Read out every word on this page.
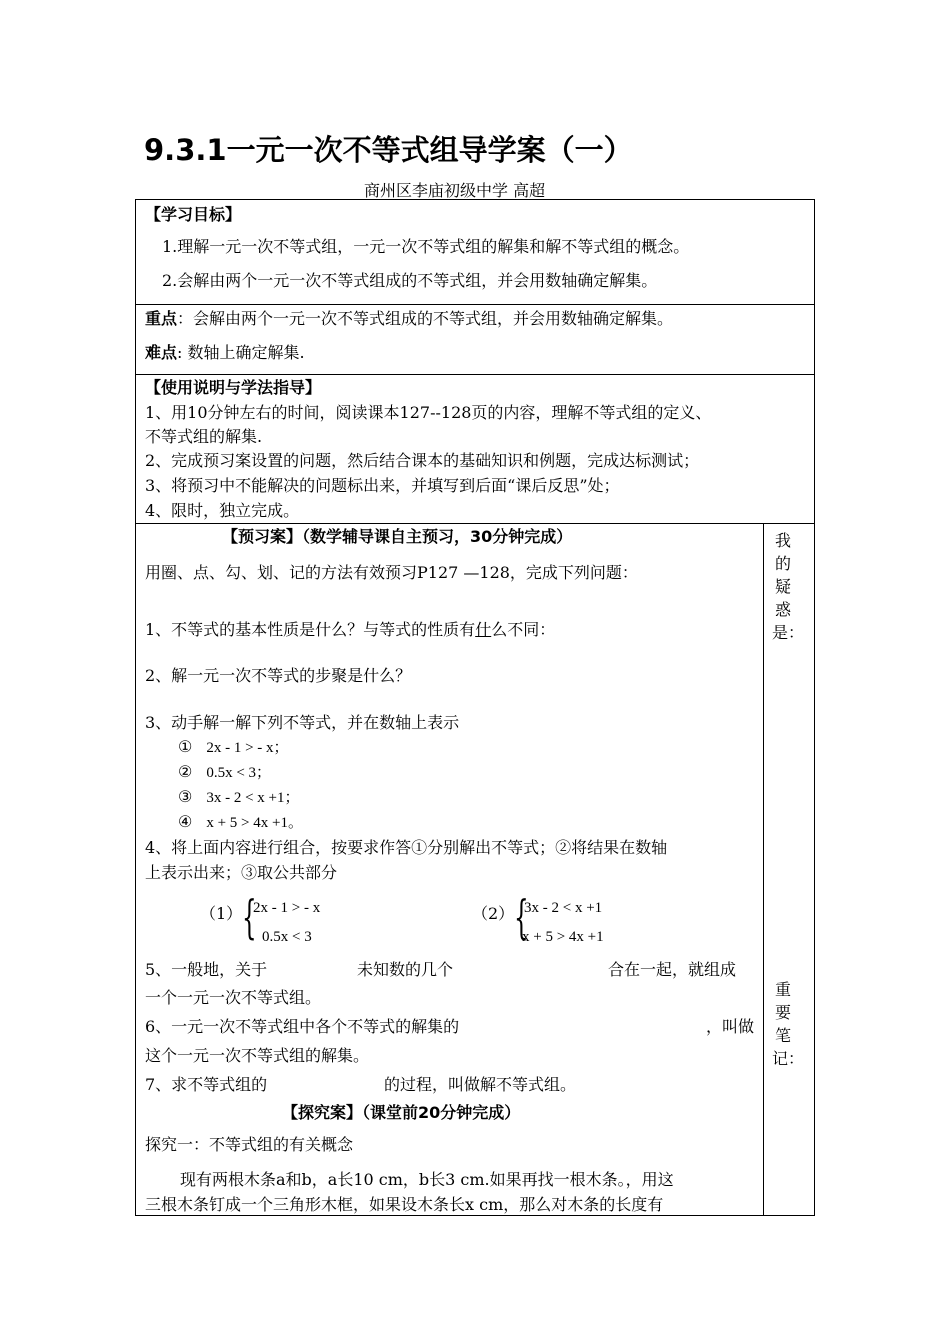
9.3.1一元一次不等式组导学案（一）
商州区李庙初级中学 高超
【学习目标】
1.理解一元一次不等式组，一元一次不等式组的解集和解不等式组的概念。
2.会解由两个一元一次不等式组成的不等式组，并会用数轴确定解集。
重点：会解由两个一元一次不等式组成的不等式组，并会用数轴确定解集。
难点: 数轴上确定解集.
【使用说明与学法指导】
1、用10分钟左右的时间，阅读课本127--128页的内容，理解不等式组的定义、
不等式组的解集.
2、完成预习案设置的问题，然后结合课本的基础知识和例题，完成达标测试；
3、将预习中不能解决的问题标出来，并填写到后面“课后反思”处；
4、限时，独立完成。
【预习案】（数学辅导课自主预习，30分钟完成）
用圈、点、勾、划、记的方法有效预习P127 —128，完成下列问题：
1、不等式的基本性质是什么？与等式的性质有什么不同：
2、解一元一次不等式的步聚是什么？
3、动手解一解下列不等式，并在数轴上表示
① 2x - 1 > - x；
② 0.5x < 3；
③ 3x - 2 < x +1；
④ x + 5 > 4x +1。
4、将上面内容进行组合，按要求作答①分别解出不等式；②将结果在数轴
上表示出来；③取公共部分
（1） {
2x - 1 > - x
0.5x < 3
（2） {
3x - 2 < x +1
x + 5 > 4x +1
5、一般地，关于	未知数的几个	合在一起，就组成
一个一元一次不等式组。
6、一元一次不等式组中各个不等式的解集的	，叫做
这个一元一次不等式组的解集。
7、求不等式组的	的过程，叫做解不等式组。
【探究案】（课堂前20分钟完成）
探究一：不等式组的有关概念
现有两根木条a和b，a长10 cm，b长3 cm.如果再找一根木条。，用这
三根木条钉成一个三角形木框，如果设木条长x cm，那么对木条的长度有
我的疑惑是：
重要笔记：
